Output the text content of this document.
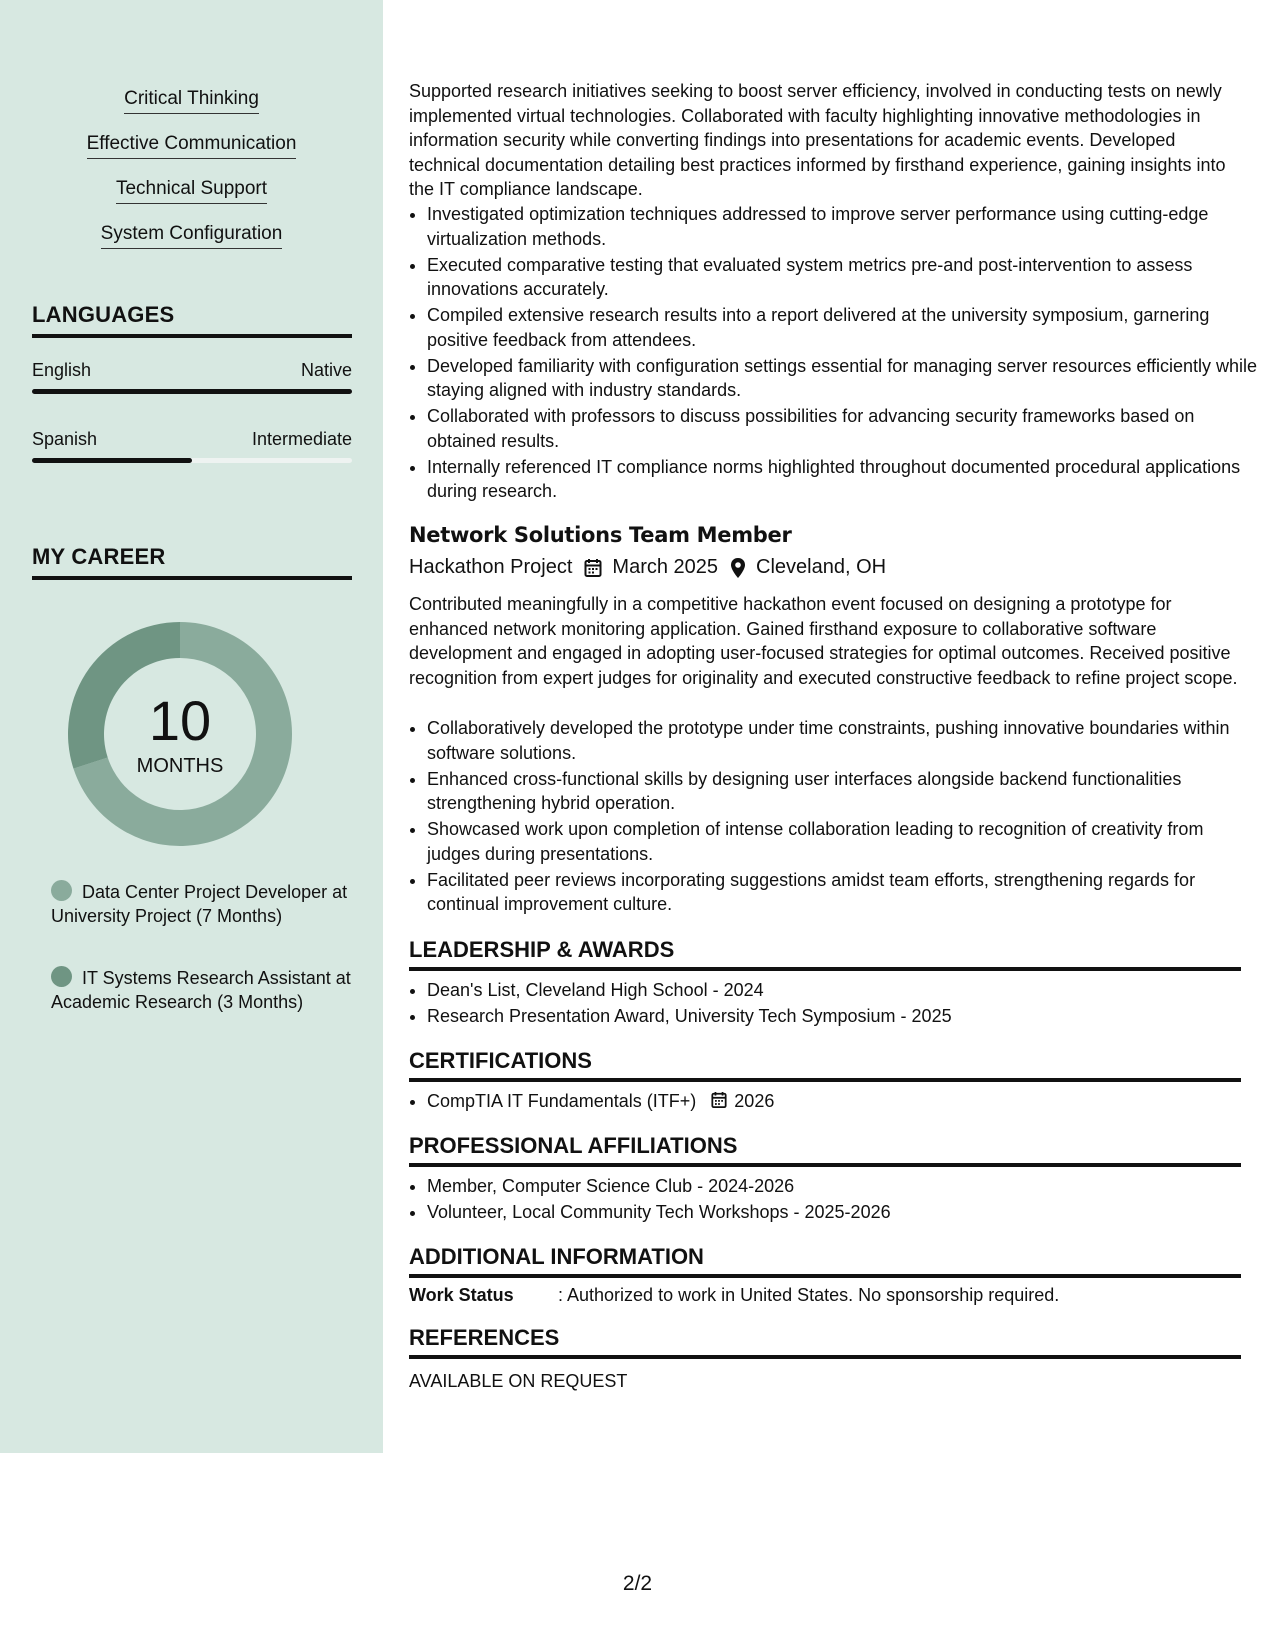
Critical Thinking
Effective Communication
Technical Support
System Configuration
LANGUAGES
English	Native
Spanish	Intermediate
MY CAREER
10
MONTHS
Data Center Project Developer at University Project (7 Months)
IT Systems Research Assistant at Academic Research (3 Months)
Supported research initiatives seeking to boost server efficiency, involved in conducting tests on newly implemented virtual technologies. Collaborated with faculty highlighting innovative methodologies in information security while converting findings into presentations for academic events. Developed technical documentation detailing best practices informed by firsthand experience, gaining insights into the IT compliance landscape.
• Investigated optimization techniques addressed to improve server performance using cutting-edge virtualization methods.
• Executed comparative testing that evaluated system metrics pre-and post-intervention to assess innovations accurately.
• Compiled extensive research results into a report delivered at the university symposium, garnering positive feedback from attendees.
• Developed familiarity with configuration settings essential for managing server resources efficiently while staying aligned with industry standards.
• Collaborated with professors to discuss possibilities for advancing security frameworks based on obtained results.
• Internally referenced IT compliance norms highlighted throughout documented procedural applications during research.
Network Solutions Team Member
Hackathon Project March 2025 Cleveland, OH
Contributed meaningfully in a competitive hackathon event focused on designing a prototype for enhanced network monitoring application. Gained firsthand exposure to collaborative software development and engaged in adopting user-focused strategies for optimal outcomes. Received positive recognition from expert judges for originality and executed constructive feedback to refine project scope.
• Collaboratively developed the prototype under time constraints, pushing innovative boundaries within software solutions.
• Enhanced cross-functional skills by designing user interfaces alongside backend functionalities strengthening hybrid operation.
• Showcased work upon completion of intense collaboration leading to recognition of creativity from judges during presentations.
• Facilitated peer reviews incorporating suggestions amidst team efforts, strengthening regards for continual improvement culture.
LEADERSHIP & AWARDS
• Dean's List, Cleveland High School - 2024
• Research Presentation Award, University Tech Symposium - 2025
CERTIFICATIONS
• CompTIA IT Fundamentals (ITF+) 2026
PROFESSIONAL AFFILIATIONS
• Member, Computer Science Club - 2024-2026
• Volunteer, Local Community Tech Workshops - 2025-2026
ADDITIONAL INFORMATION
Work Status	: Authorized to work in United States. No sponsorship required.
REFERENCES
AVAILABLE ON REQUEST
2/2
